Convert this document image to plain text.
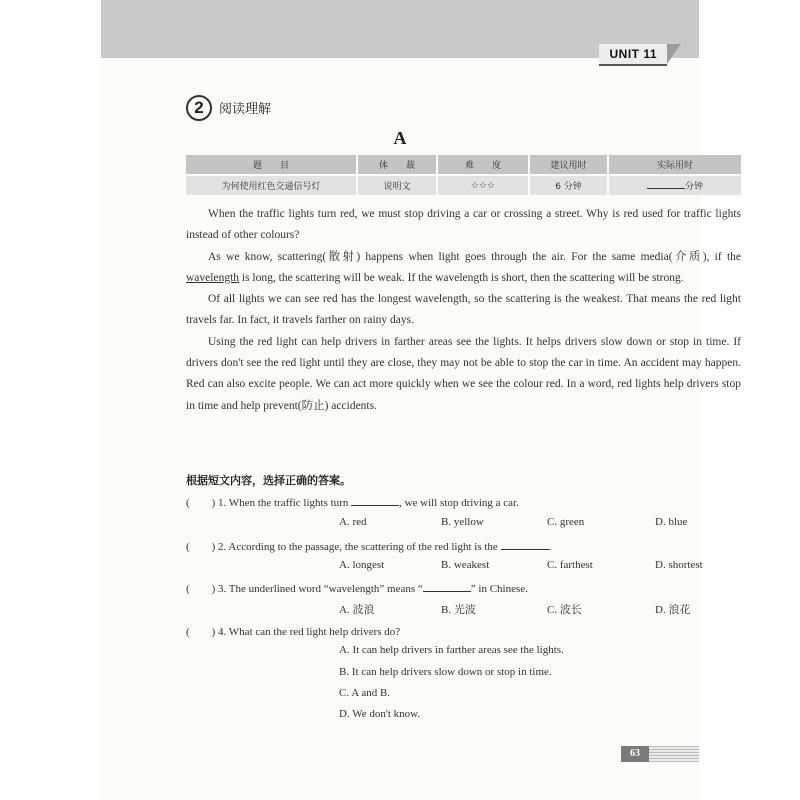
UNIT 11
2	阅读理解
A
题　　目	体　　裁	难　　度	建议用时	实际用时
为何使用红色交通信号灯	说明文	☆☆☆	6 分钟	分钟

When the traffic lights turn red, we must stop driving a car or crossing a street. Why is red used for traffic lights instead of other colours?

As we know, scattering(散射) happens when light goes through the air. For the same media(介质), if the wavelength is long, the scattering will be weak. If the wavelength is short, then the scattering will be strong.

Of all lights we can see red has the longest wavelength, so the scattering is the weakest. That means the red light travels far. In fact, it travels farther on rainy days.

Using the red light can help drivers in farther areas see the lights. It helps drivers slow down or stop in time. If drivers don't see the red light until they are close, they may not be able to stop the car in time. An accident may happen. Red can also excite people. We can act more quickly when we see the colour red. In a word, red lights help drivers stop in time and help prevent(防止) accidents.

根据短文内容，选择正确的答案。
(　　) 1. When the traffic lights turn	, we will stop driving a car.
A. red	B. yellow	C. green	D. blue
(　　) 2. According to the passage, the scattering of the red light is the	.
A. longest	B. weakest	C. farthest	D. shortest
(　　) 3. The underlined word “wavelength” means “	” in Chinese.
A. 波浪	B. 光波	C. 波长	D. 浪花
(　　) 4. What can the red light help drivers do?
A. It can help drivers in farther areas see the lights.
B. It can help drivers slow down or stop in time.
C. A and B.
D. We don't know.
63
